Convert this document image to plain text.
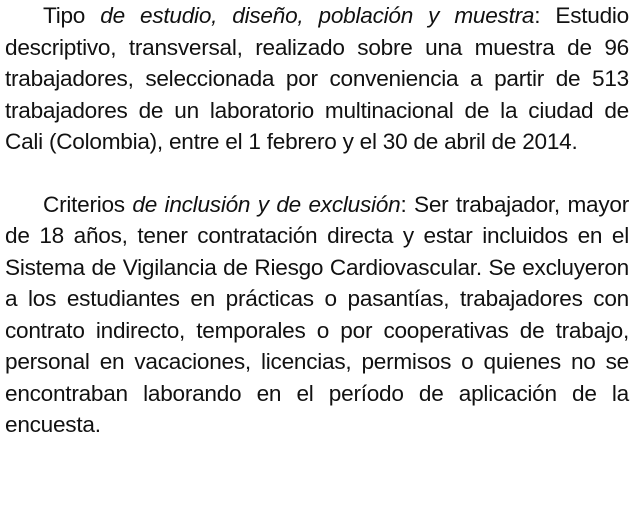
Tipo de estudio, diseño, población y muestra: Estudio descriptivo, transversal, realizado sobre una muestra de 96 trabajadores, seleccionada por conveniencia a partir de 513 trabajadores de un laboratorio multinacional de la ciudad de Cali (Colombia), entre el 1 febrero y el 30 de abril de 2014.

Criterios de inclusión y de exclusión: Ser trabajador, mayor de 18 años, tener contratación directa y estar incluidos en el Sistema de Vigilancia de Riesgo Cardiovascular. Se excluyeron a los estudiantes en prácticas o pasantías, trabajadores con contrato indirecto, temporales o por cooperativas de trabajo, personal en vacaciones, licencias, permisos o quienes no se encontraban laborando en el período de aplicación de la encuesta.
